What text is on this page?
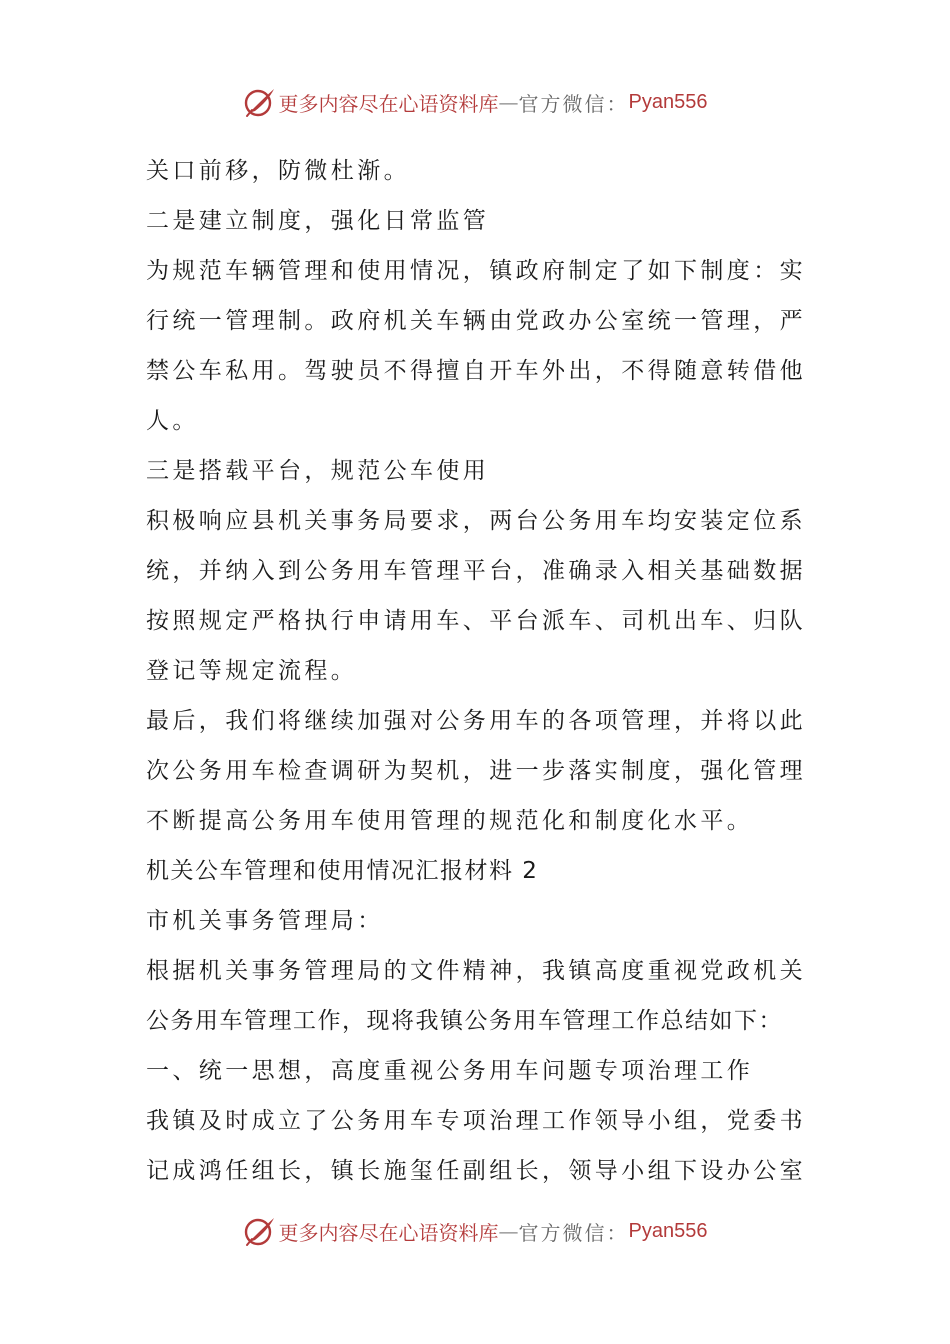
更多内容尽在心语资料库 — 官方微信： Pyan556
关口前移，防微杜渐。
二是建立制度，强化日常监管
为规范车辆管理和使用情况，镇政府制定了如下制度：实
行统一管理制。政府机关车辆由党政办公室统一管理，严
禁公车私用。驾驶员不得擅自开车外出，不得随意转借他
人。
三是搭载平台，规范公车使用
积极响应县机关事务局要求，两台公务用车均安装定位系
统，并纳入到公务用车管理平台，准确录入相关基础数据
按照规定严格执行申请用车、平台派车、司机出车、归队
登记等规定流程。
最后，我们将继续加强对公务用车的各项管理，并将以此
次公务用车检查调研为契机，进一步落实制度，强化管理
不断提高公务用车使用管理的规范化和制度化水平。
机关公车管理和使用情况汇报材料 2
市机关事务管理局：
根据机关事务管理局的文件精神，我镇高度重视党政机关
公务用车管理工作，现将我镇公务用车管理工作总结如下：
一、统一思想，高度重视公务用车问题专项治理工作
我镇及时成立了公务用车专项治理工作领导小组，党委书
记成鸿任组长，镇长施玺任副组长，领导小组下设办公室
更多内容尽在心语资料库 — 官方微信： Pyan556
